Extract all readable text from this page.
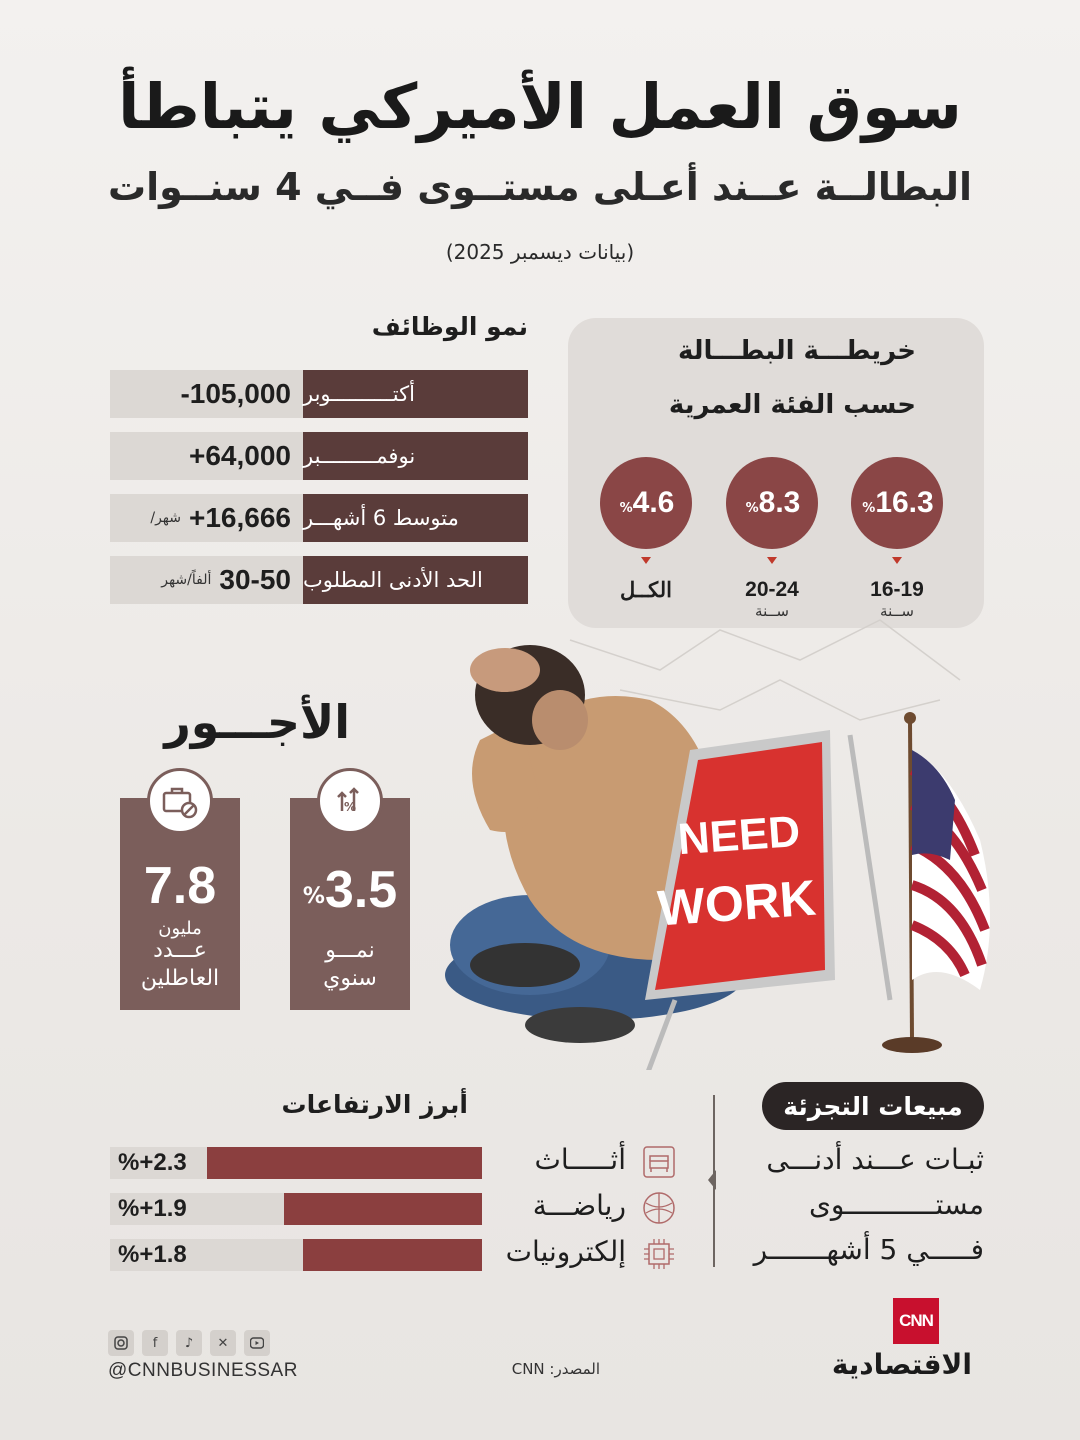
سوق العمل الأميركي يتباطأ
البطالــة عــند أعـلى مستــوى فــي 4 سنــوات
(بيانات ديسمبر 2025)
نمو الوظائف
-105,000 أكتــــــــــوبر
+64,000 نوفمـــــــــبر
/شهر +16,666 متوسط 6 أشهـــر
ألفاً/شهر 30-50 الحد الأدنى المطلوب
خريطـــة البطـــالة
حسب الفئة العمرية
% 16.3
16-19
ســنة
% 8.3
20-24
ســنة
% 4.6
الكــل
الأجـــور
%
% 3.5
نمـــو
سنوي
7.8
مليون
عـــدد
العاطلين
NEED
WORK
أبرز الارتفاعات
% +2.3	أثـــــاث
% +1.9	رياضـــة
% +1.8	إلكترونيات
مبيعات التجزئة
ثبـات عـــند أدنـــى
مستـــــــــــوى
فـــــي 5 أشهـــــــر
f	♪	✕
@CNNBUSINESSAR	المصدر: CNN
CNN
الاقتصادية
